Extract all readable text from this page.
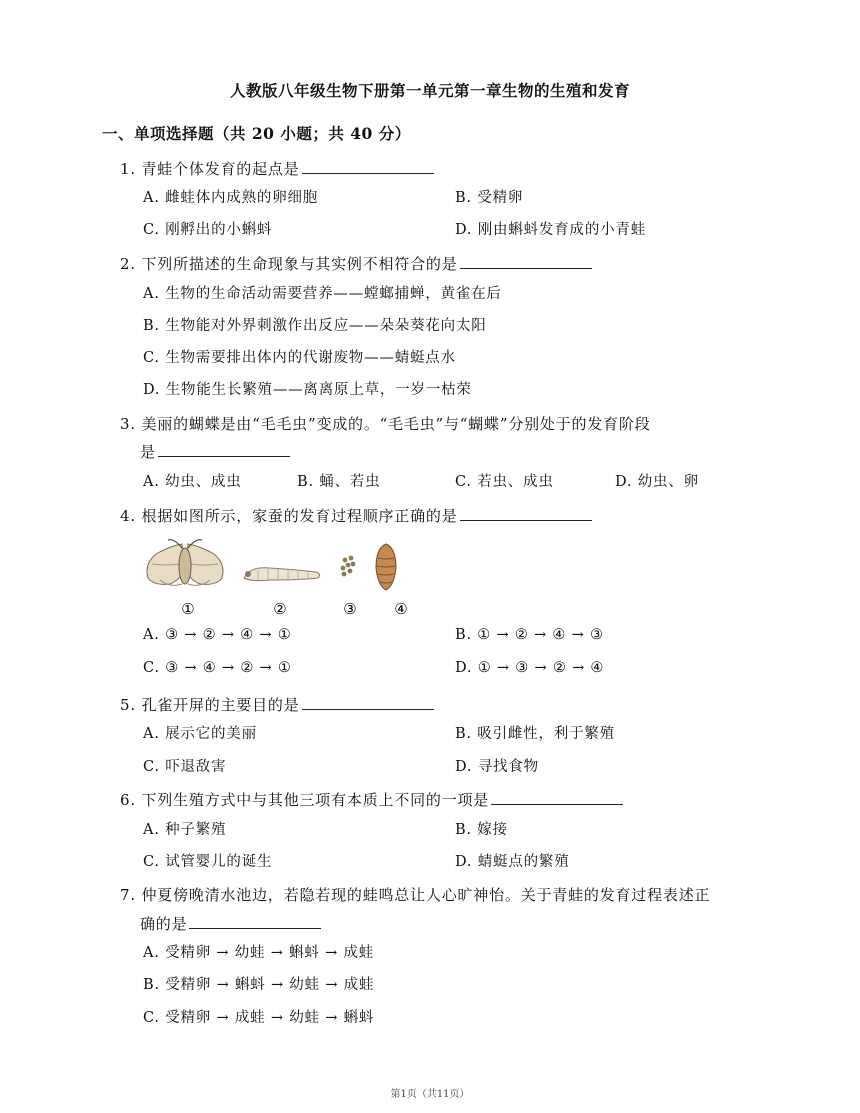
人教版八年级生物下册第一单元第一章生物的生殖和发育
一、单项选择题（共 20 小题；共 40 分）
1. 青蛙个体发育的起点是
A. 雌蛙体内成熟的卵细胞	B. 受精卵
C. 刚孵出的小蝌蚪	D. 刚由蝌蚪发育成的小青蛙
2. 下列所描述的生命现象与其实例不相符合的是
A. 生物的生命活动需要营养——螳螂捕蝉，黄雀在后
B. 生物能对外界刺激作出反应——朵朵葵花向太阳
C. 生物需要排出体内的代谢废物——蜻蜓点水
D. 生物能生长繁殖——离离原上草，一岁一枯荣
3. 美丽的蝴蝶是由“毛毛虫”变成的。“毛毛虫”与“蝴蝶”分别处于的发育阶段
是
A. 幼虫、成虫	B. 蛹、若虫	C. 若虫、成虫	D. 幼虫、卵
4. 根据如图所示，家蚕的发育过程顺序正确的是
①	②	③	④
A. ③ → ② → ④ → ①	B. ① → ② → ④ → ③
C. ③ → ④ → ② → ①	D. ① → ③ → ② → ④
5. 孔雀开屏的主要目的是
A. 展示它的美丽	B. 吸引雌性，利于繁殖
C. 吓退敌害	D. 寻找食物
6. 下列生殖方式中与其他三项有本质上不同的一项是
A. 种子繁殖	B. 嫁接
C. 试管婴儿的诞生	D. 蜻蜓点的繁殖
7. 仲夏傍晚清水池边，若隐若现的蛙鸣总让人心旷神怡。关于青蛙的发育过程表述正
确的是
A. 受精卵 → 幼蛙 → 蝌蚪 → 成蛙
B. 受精卵 → 蝌蚪 → 幼蛙 → 成蛙
C. 受精卵 → 成蛙 → 幼蛙 → 蝌蚪
第1页（共11页）
